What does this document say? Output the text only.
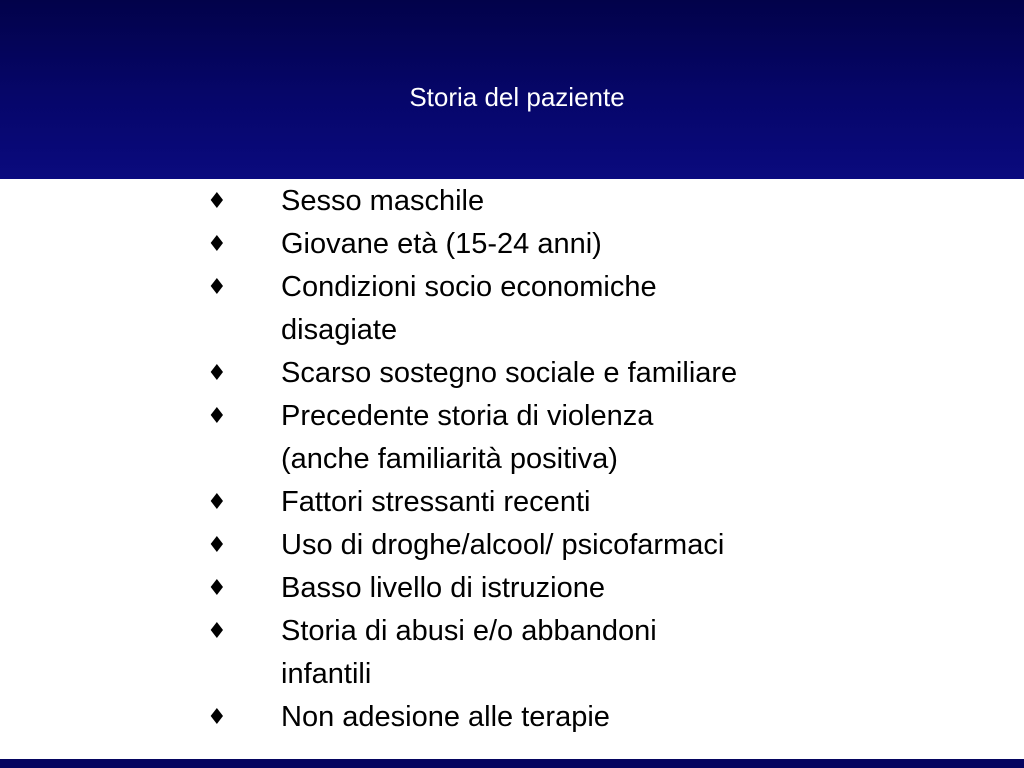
Storia del paziente
♦ Sesso maschile
♦ Giovane età (15-24 anni)
♦ Condizioni socio economiche
disagiate
♦ Scarso sostegno sociale e familiare
♦ Precedente storia di violenza
(anche familiarità positiva)
♦ Fattori stressanti recenti
♦ Uso di droghe/alcool/ psicofarmaci
♦ Basso livello di istruzione
♦ Storia di abusi e/o abbandoni
infantili
♦ Non adesione alle terapie
